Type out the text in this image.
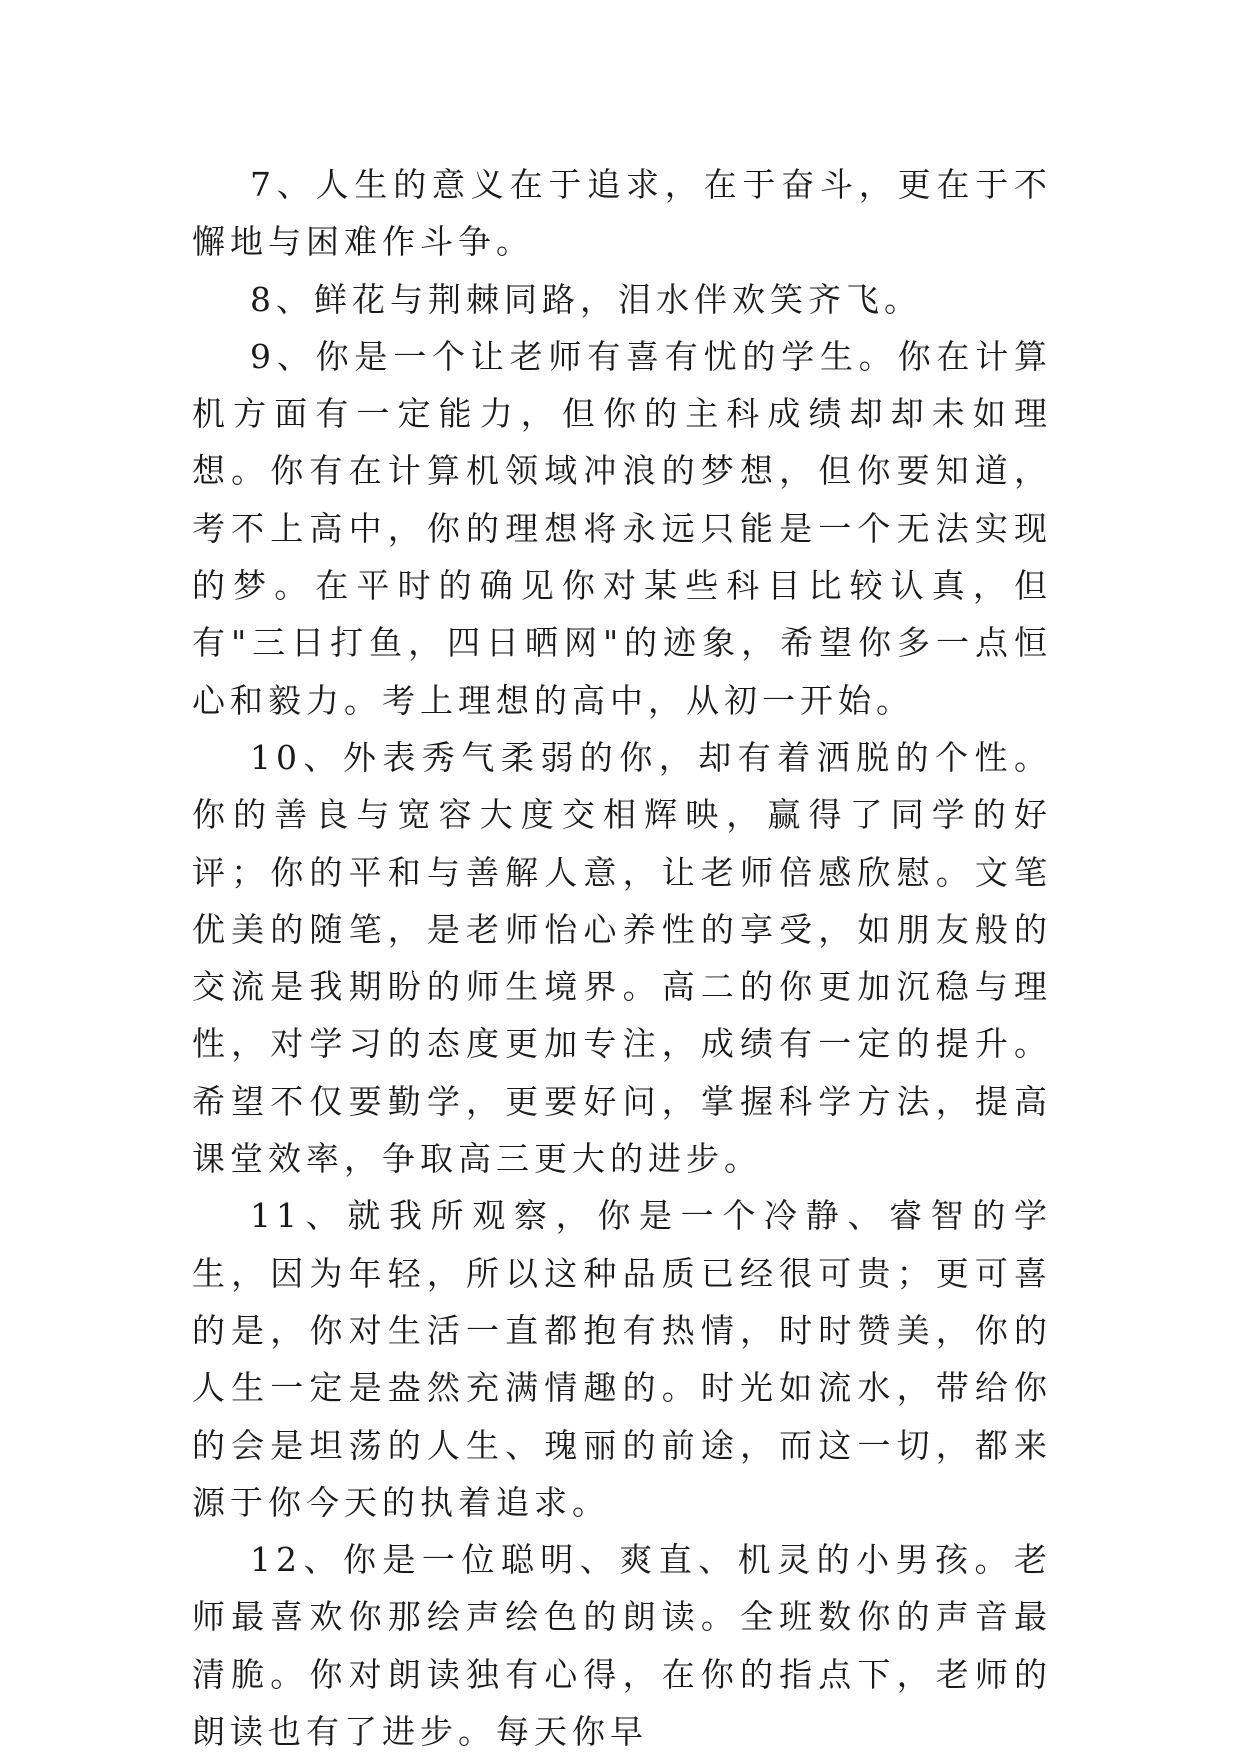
7、人生的意义在于追求，在于奋斗，更在于不懈地与困难作斗争。

8、鲜花与荆棘同路，泪水伴欢笑齐飞。

9、你是一个让老师有喜有忧的学生。你在计算机方面有一定能力，但你的主科成绩却却未如理想。你有在计算机领域冲浪的梦想，但你要知道，考不上高中，你的理想将永远只能是一个无法实现的梦。在平时的确见你对某些科目比较认真，但有"三日打鱼，四日晒网"的迹象，希望你多一点恒心和毅力。考上理想的高中，从初一开始。

10、外表秀气柔弱的你，却有着洒脱的个性。你的善良与宽容大度交相辉映，赢得了同学的好评；你的平和与善解人意，让老师倍感欣慰。文笔优美的随笔，是老师怡心养性的享受，如朋友般的交流是我期盼的师生境界。高二的你更加沉稳与理性，对学习的态度更加专注，成绩有一定的提升。希望不仅要勤学，更要好问，掌握科学方法，提高课堂效率，争取高三更大的进步。

11、就我所观察，你是一个冷静、睿智的学生，因为年轻，所以这种品质已经很可贵；更可喜的是，你对生活一直都抱有热情，时时赞美，你的人生一定是盎然充满情趣的。时光如流水，带给你的会是坦荡的人生、瑰丽的前途，而这一切，都来源于你今天的执着追求。

12、你是一位聪明、爽直、机灵的小男孩。老师最喜欢你那绘声绘色的朗读。全班数你的声音最清脆。你对朗读独有心得，在你的指点下，老师的朗读也有了进步。每天你早
